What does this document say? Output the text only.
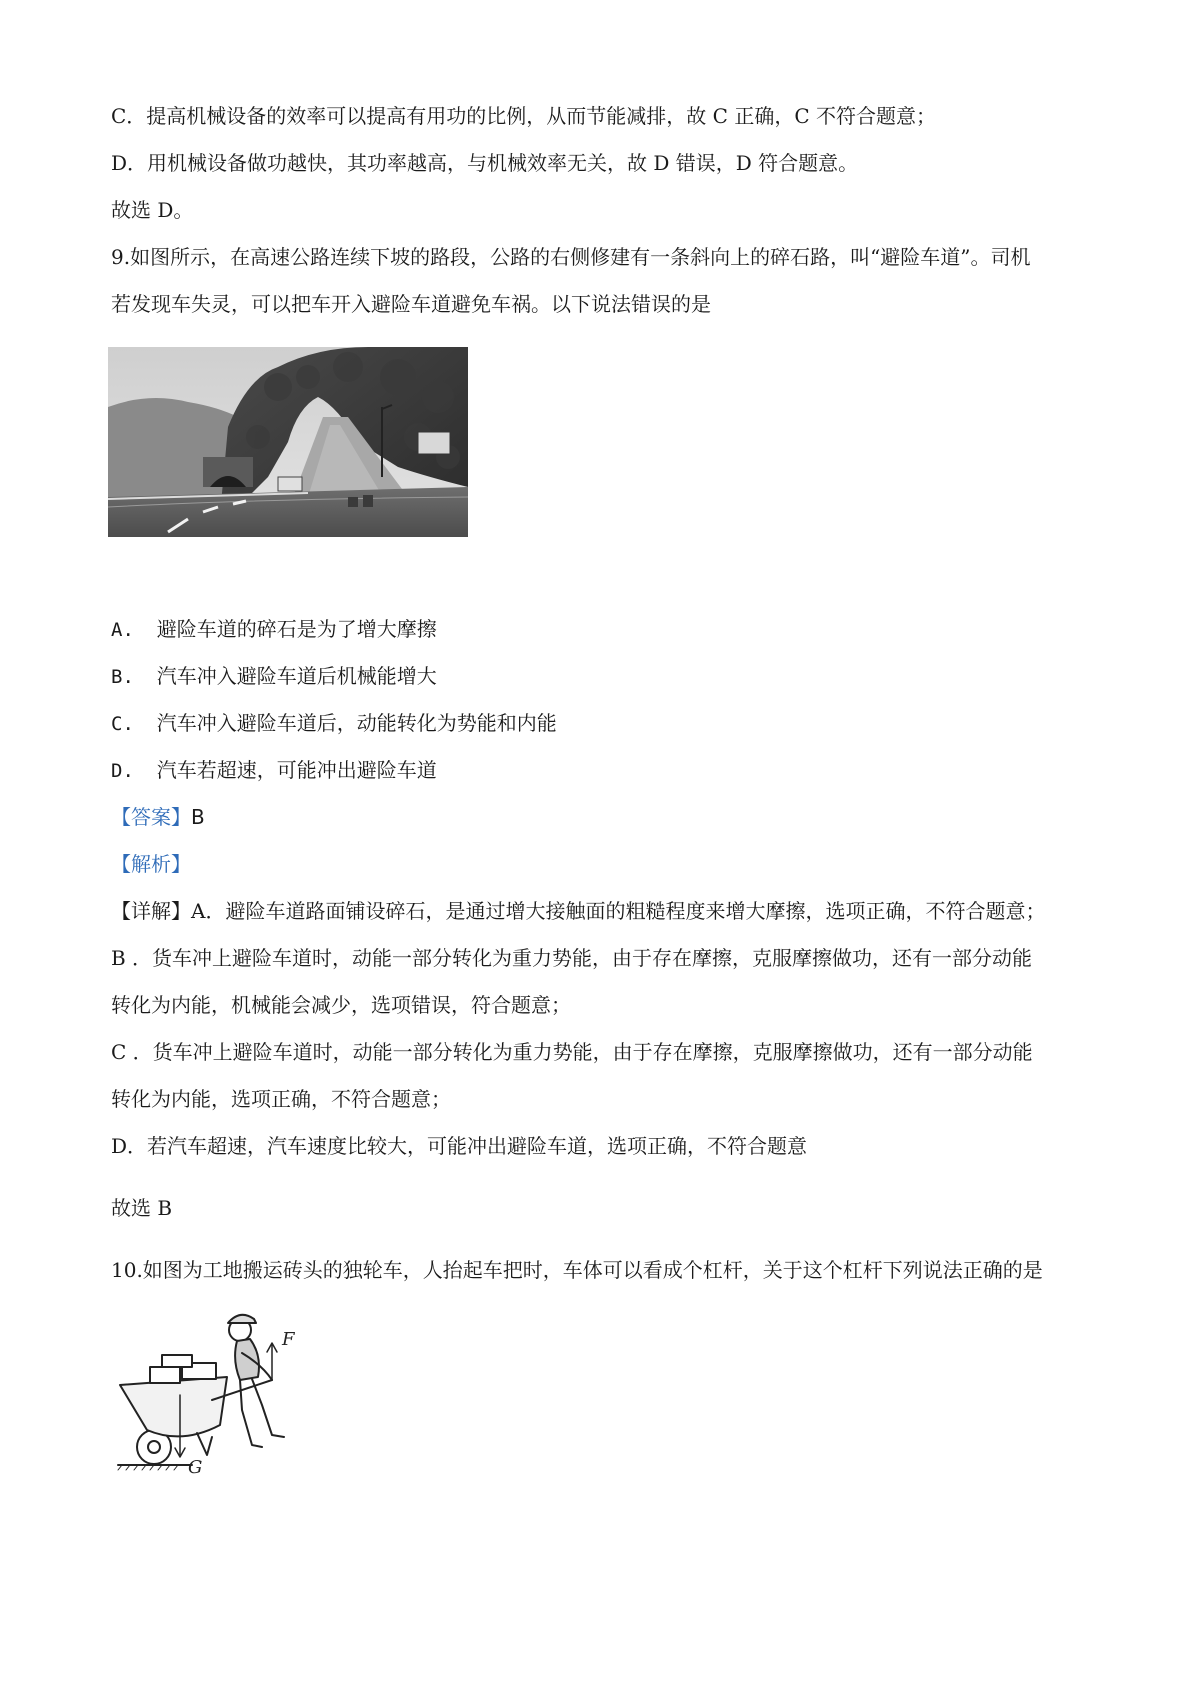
C．提高机械设备的效率可以提高有用功的比例，从而节能减排，故 C 正确，C 不符合题意；
D．用机械设备做功越快，其功率越高，与机械效率无关，故 D 错误，D 符合题意。
故选 D。
9.如图所示，在高速公路连续下坡的路段，公路的右侧修建有一条斜向上的碎石路，叫“避险车道”。司机
若发现车失灵，可以把车开入避险车道避免车祸。以下说法错误的是
A. 避险车道的碎石是为了增大摩擦
B. 汽车冲入避险车道后机械能增大
C. 汽车冲入避险车道后，动能转化为势能和内能
D. 汽车若超速，可能冲出避险车道
【答案】B
【解析】
【详解】A．避险车道路面铺设碎石，是通过增大接触面的粗糙程度来增大摩擦，选项正确，不符合题意；
B ．货车冲上避险车道时，动能一部分转化为重力势能，由于存在摩擦，克服摩擦做功，还有一部分动能
转化为内能，机械能会减少，选项错误，符合题意；
C ．货车冲上避险车道时，动能一部分转化为重力势能，由于存在摩擦，克服摩擦做功，还有一部分动能
转化为内能，选项正确，不符合题意；
D．若汽车超速，汽车速度比较大，可能冲出避险车道，选项正确，不符合题意
故选 B
10.如图为工地搬运砖头的独轮车，人抬起车把时，车体可以看成个杠杆，关于这个杠杆下列说法正确的是
F
G
